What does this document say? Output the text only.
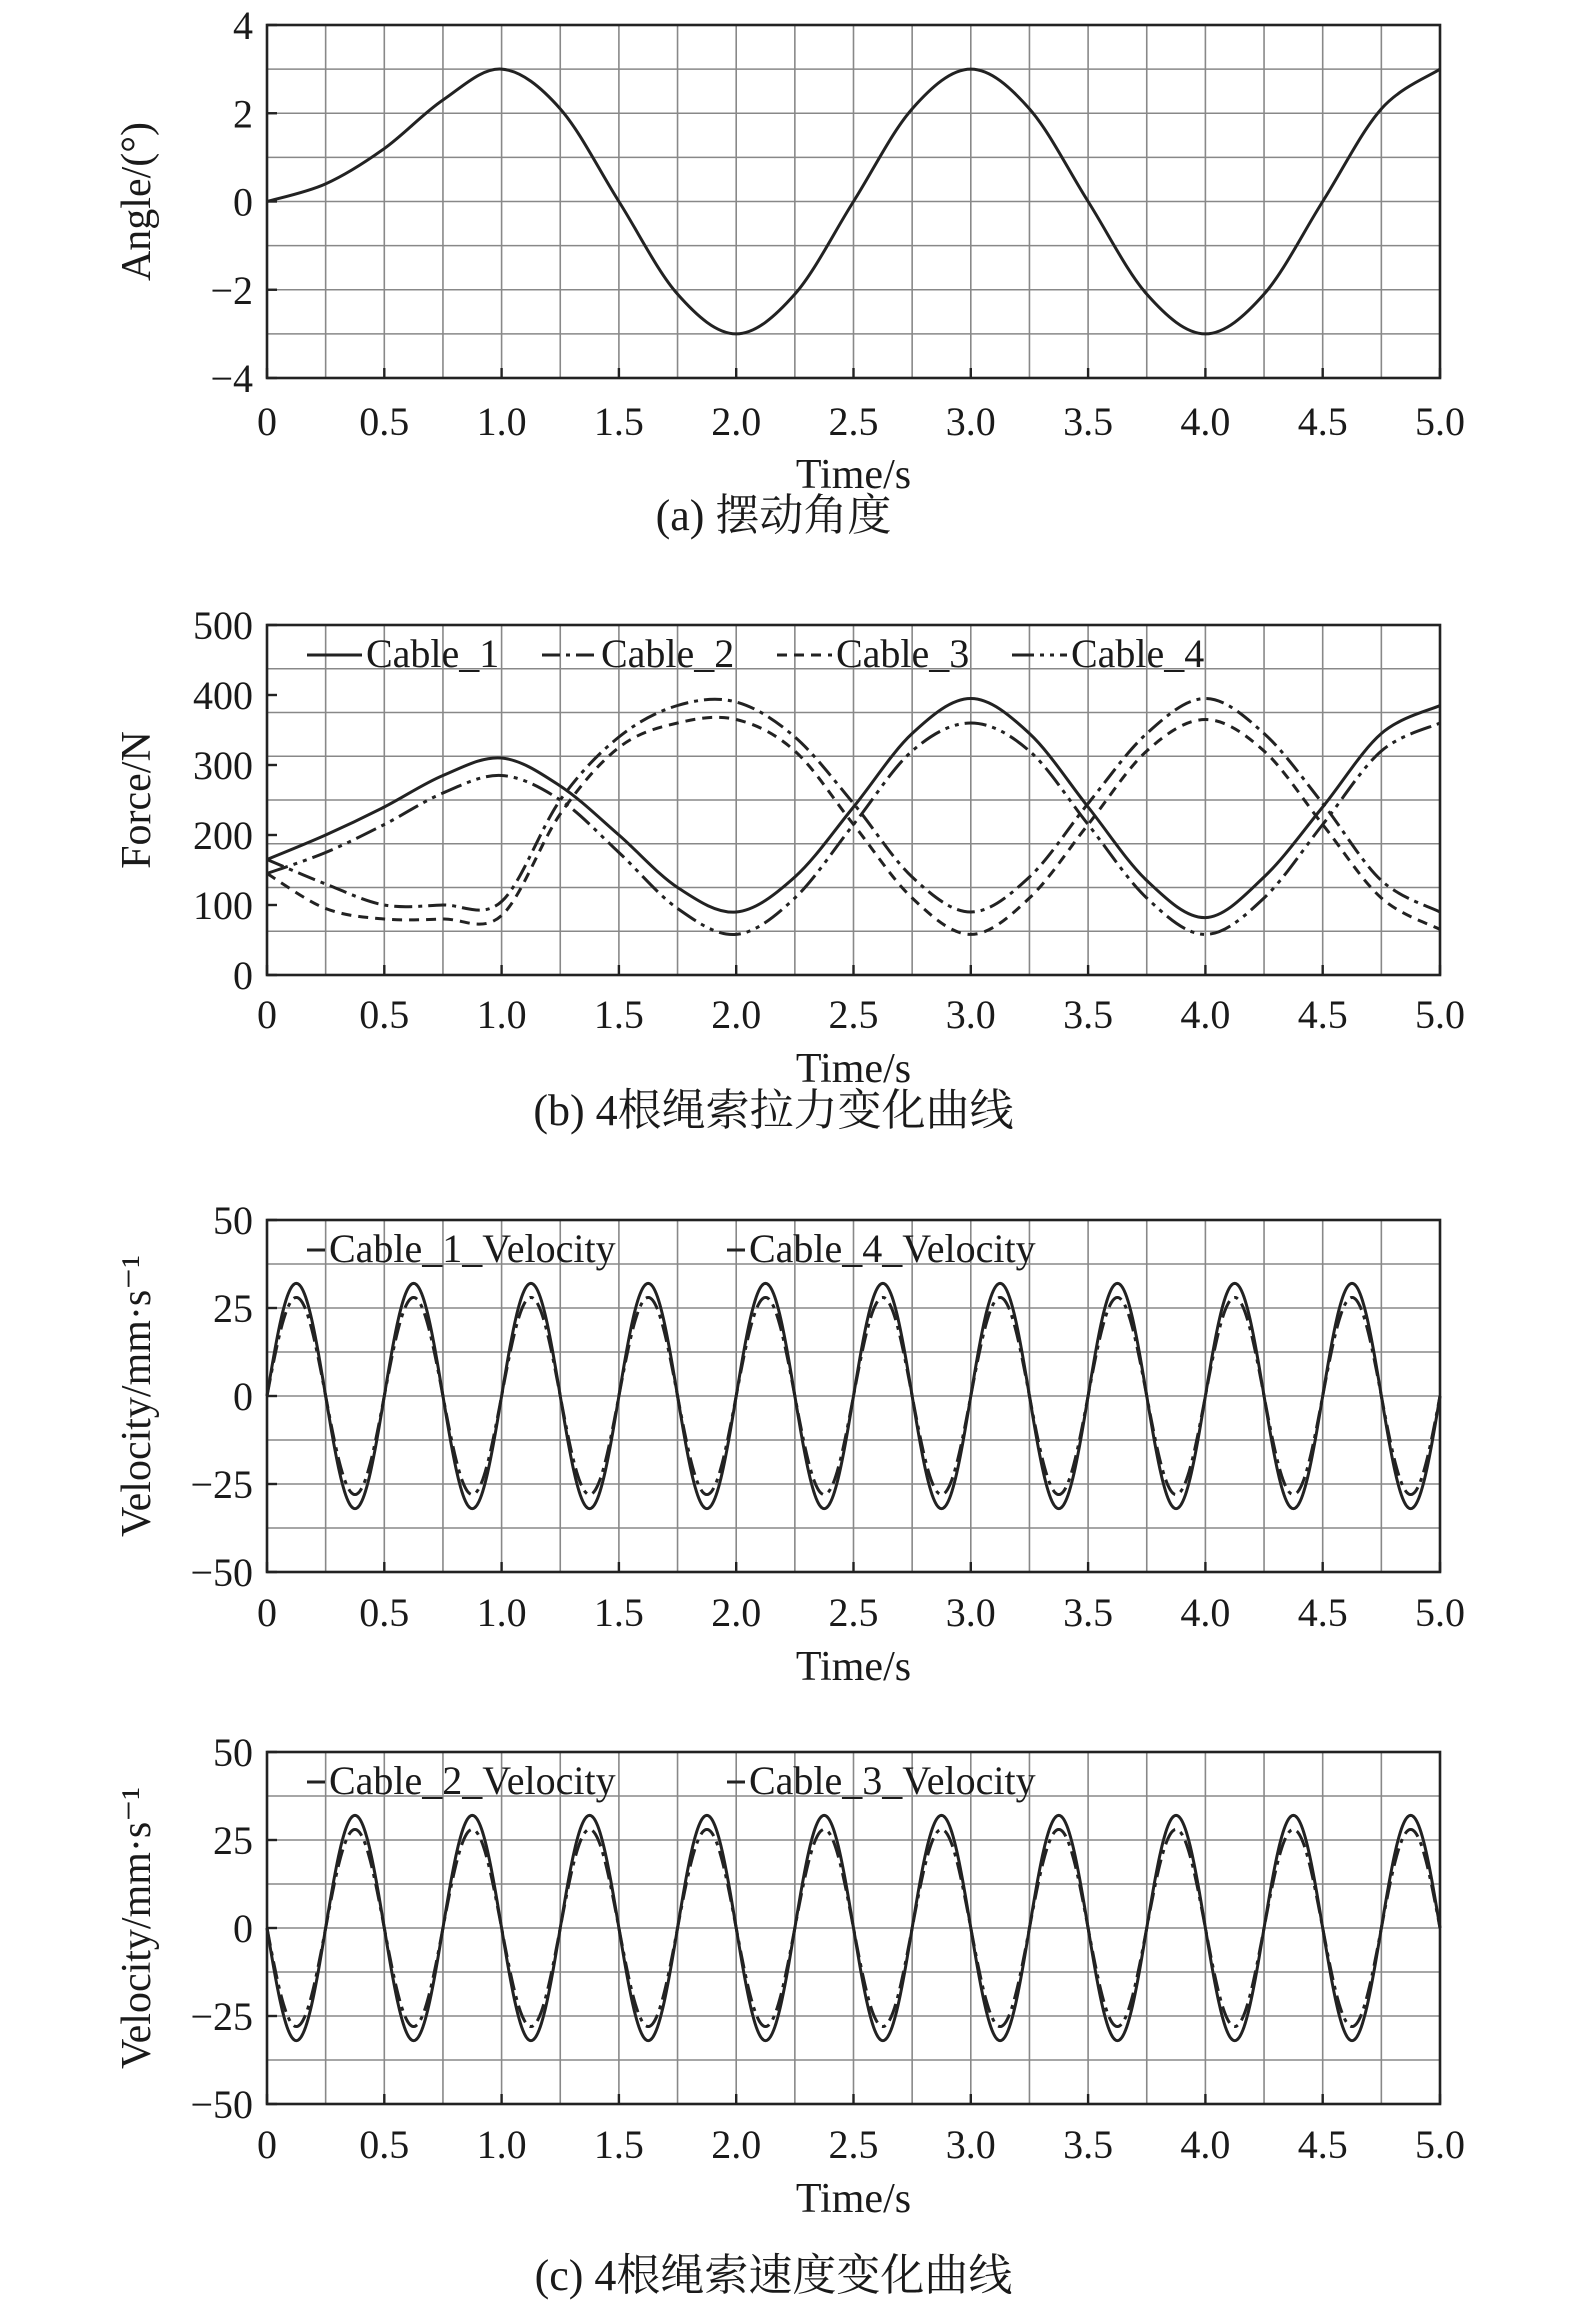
0 0.5 1.0 1.5 2.0 2.5 3.0 3.5 4.0 4.5 5.0
−4
−2
0
2
4
Time/s
Angle/(°)
(a) 摆动角度
0 0.5 1.0 1.5 2.0 2.5 3.0 3.5 4.0 4.5 5.0
0
100
200
300
400
500
Time/s
Force/N
Cable_1	Cable_2	Cable_3	Cable_4
(b) 4根绳索拉力变化曲线
0 0.5 1.0 1.5 2.0 2.5 3.0 3.5 4.0 4.5 5.0
−50
−25
0
25
50
Time/s
Velocity/mm·s⁻¹
Cable_1_Velocity	Cable_4_Velocity
0 0.5 1.0 1.5 2.0 2.5 3.0 3.5 4.0 4.5 5.0
−50
−25
0
25
50
Time/s
Velocity/mm·s⁻¹
Cable_2_Velocity	Cable_3_Velocity
(c) 4根绳索速度变化曲线
